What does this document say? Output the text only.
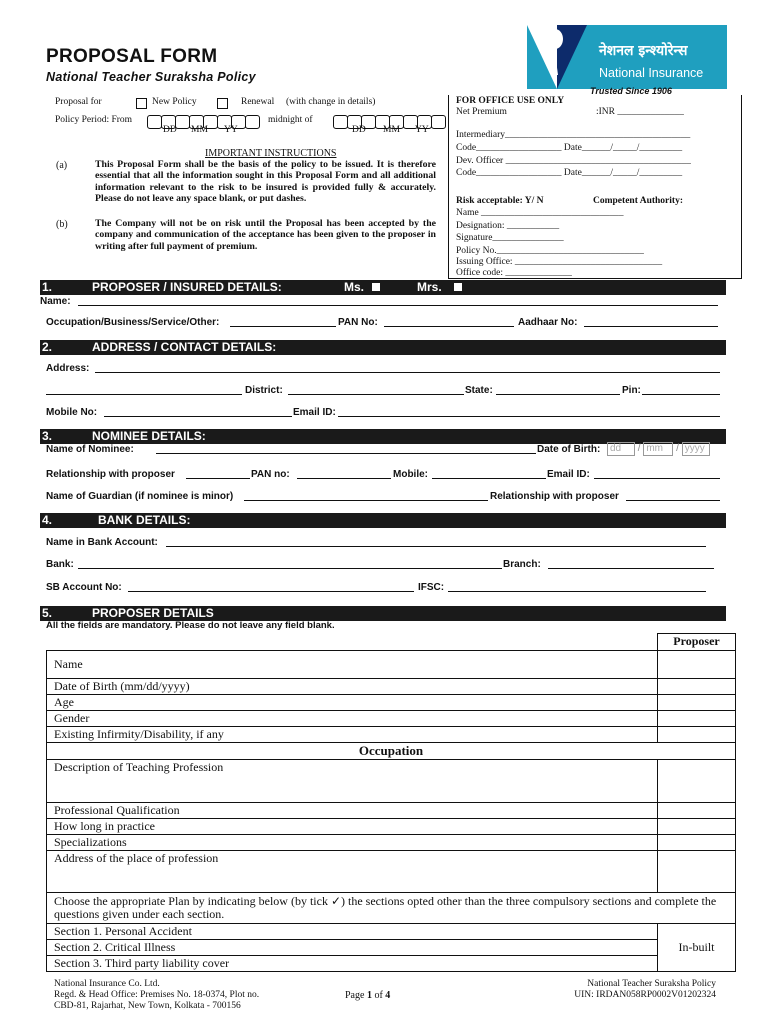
PROPOSAL FORM
National Teacher Suraksha Policy
नेशनल इन्श्योरेन्स
National Insurance
Trusted Since 1906
Proposal for	New Policy	Renewal (with change in details)
Policy Period: From
DD MM YY
midnight of
DD MM YY
IMPORTANT INSTRUCTIONS
(a)	This Proposal Form shall be the basis of the policy to be issued. It is therefore essential that all the information sought in this Proposal Form and all additional information relevant to the risk to be insured is provided fully & accurately. Please do not leave any space blank, or put dashes.
(b)	The Company will not be on risk until the Proposal has been accepted by the company and communication of the acceptance has been given to the proposer in writing after full payment of premium.
FOR OFFICE USE ONLY
Net Premium	:INR ______________
Intermediary_______________________________________
Code__________________ Date______/_____/_________
Dev. Officer _______________________________________
Code__________________ Date______/_____/_________
Risk acceptable: Y/ N	Competent Authority:
Name ______________________________
Designation: ___________
Signature_______________
Policy No._______________________________
Issuing Office: _______________________________
Office code: ______________
1.	PROPOSER / INSURED DETAILS:	Ms.	Mrs.
Name:
Occupation/Business/Service/Other:	PAN No:	Aadhaar No:
2.	ADDRESS / CONTACT DETAILS:
Address:
District:	State:	Pin:
Mobile No:	Email ID:
3.	NOMINEE DETAILS:
Name of Nominee:	Date of Birth: dd / mm / yyyy
Relationship with proposer	PAN no:	Mobile:	Email ID:
Name of Guardian (if nominee is minor)	Relationship with proposer
4.	BANK DETAILS:
Name in Bank Account:
Bank:	Branch:
SB Account No:	IFSC:
5.	PROPOSER DETAILS
All the fields are mandatory. Please do not leave any field blank.
	Proposer
Name	
Date of Birth (mm/dd/yyyy)	
Age	
Gender	
Existing Infirmity/Disability, if any	
Occupation	
Description of Teaching Profession	
Professional Qualification	
How long in practice	
Specializations	
Address of the place of profession	
Choose the appropriate Plan by indicating below (by tick ✓) the sections opted other than the three compulsory sections and complete the questions given under each section.	
Section 1. Personal Accident	In-built
Section 2. Critical Illness	
Section 3. Third party liability cover	
National Insurance Co. Ltd.
Regd. & Head Office: Premises No. 18-0374, Plot no.
CBD-81, Rajarhat, New Town, Kolkata - 700156
Page 1 of 4
National Teacher Suraksha Policy
UIN: IRDAN058RP0002V01202324
